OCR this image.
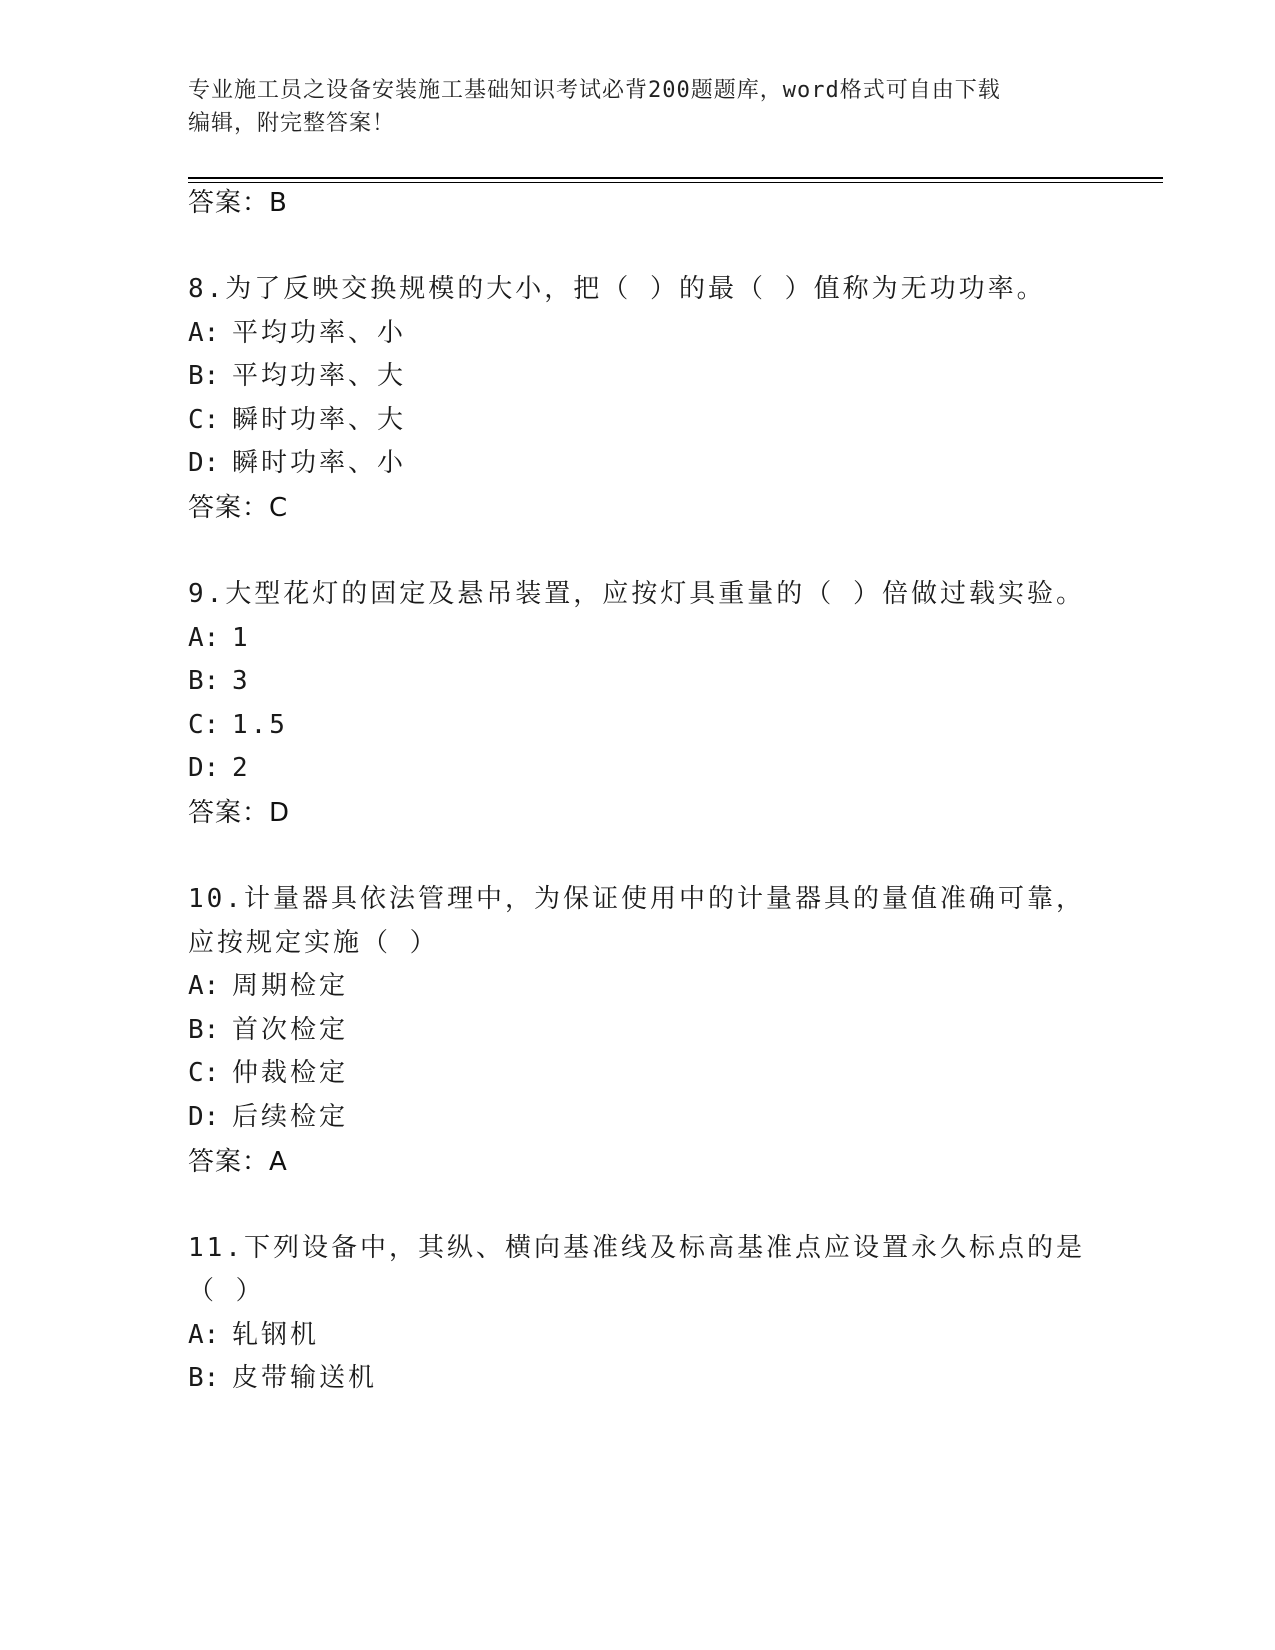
专业施工员之设备安装施工基础知识考试必背200题题库，word格式可自由下载
编辑，附完整答案！
答案：B
8.为了反映交换规模的大小，把（ ）的最（ ）值称为无功功率。
A: 平均功率、小
B: 平均功率、大
C: 瞬时功率、大
D: 瞬时功率、小
答案：C
9.大型花灯的固定及悬吊装置，应按灯具重量的（ ）倍做过载实验。
A: 1
B: 3
C: 1.5
D: 2
答案：D
10.计量器具依法管理中，为保证使用中的计量器具的量值准确可靠，
应按规定实施（ ）
A: 周期检定
B: 首次检定
C: 仲裁检定
D: 后续检定
答案：A
11.下列设备中，其纵、横向基准线及标高基准点应设置永久标点的是
（ ）
A: 轧钢机
B: 皮带输送机
